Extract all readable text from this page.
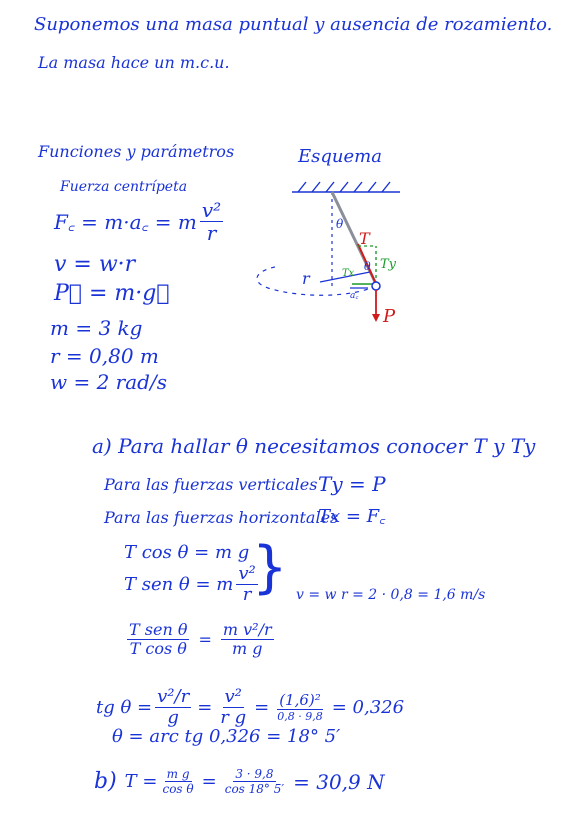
Suponemos una masa puntual y ausencia de rozamiento.
La masa hace un m.c.u.
Funciones y parámetros
Fuerza centrípeta
F꜀ = m·a꜀ = m $\frac{\text{v²}}{r}$
v = w·r
P⃗ = m·g⃗
m = 3 kg
r = 0,80 m
w = 2 rad/s
Esquema
r
T
Ty
Tx
a꜀
θ
θ
P
a) Para hallar θ necesitamos conocer T y Ty
Para las fuerzas verticales Ty = P
Para las fuerzas horizontales
Tx = F꜀
T cos θ = m g
T sen θ = m $\frac{\text{v²}}{r}$
} v = w r = 2 · 0,8 = 1,6 m/s
$\frac{\text{T sen θ}}{\text{T cos θ}} = \frac{\text{m v²/r}}{\text{m g}}$
tg $\theta = \frac{\text{v²/r}}{g} = \frac{\text{v²}}{\text{r g}} = \frac{\text{(1,6)²}}{0,8 \cdot 9,8} = 0,326$
θ = arc tg 0,326 = 18° 5′
b) $T = \frac{\text{m g}}{\text{cos θ}} = \frac{3 \cdot 9,8}{\cos 18^\circ 5'} = 30,9$ N
